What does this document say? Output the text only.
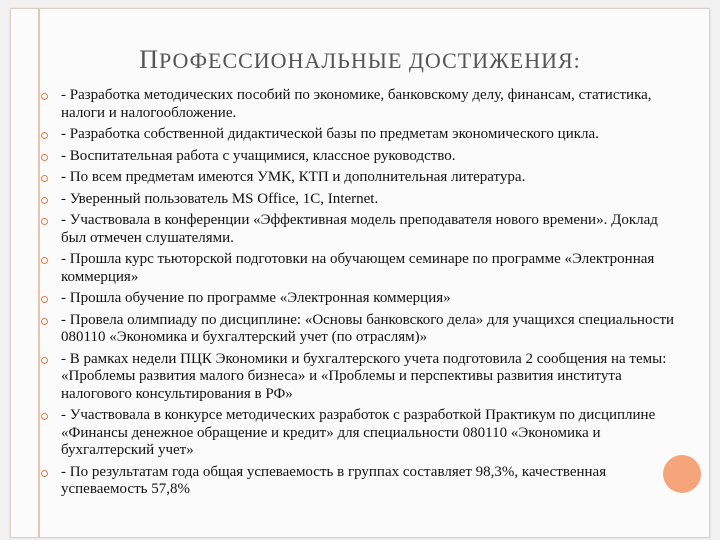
ПРОФЕССИОНАЛЬНЫЕ ДОСТИЖЕНИЯ:
- Разработка методических пособий по экономике, банковскому делу, финансам, статистика, налоги и налогообложение.
- Разработка собственной дидактической базы по предметам экономического цикла.
- Воспитательная работа с учащимися, классное руководство.
- По всем предметам имеются УМК, КТП и дополнительная литература.
- Уверенный пользователь MS Office, 1C, Internet.
- Участвовала в конференции «Эффективная модель преподавателя нового времени». Доклад был отмечен слушателями.
- Прошла курс тьюторской подготовки на обучающем семинаре по программе «Электронная коммерция»
- Прошла обучение по программе «Электронная коммерция»
- Провела олимпиаду по дисциплине: «Основы банковского дела» для учащихся специальности 080110 «Экономика и бухгалтерский учет (по отраслям)»
- В рамках недели ПЦК Экономики и бухгалтерского учета подготовила 2 сообщения на темы: «Проблемы развития малого бизнеса» и «Проблемы и перспективы развития института налогового консультирования в РФ»
- Участвовала в конкурсе методических разработок с разработкой Практикум по дисциплине «Финансы денежное обращение и кредит» для специальности 080110 «Экономика и бухгалтерский учет»
- По результатам года общая успеваемость в группах составляет 98,3%, качественная успеваемость 57,8%
